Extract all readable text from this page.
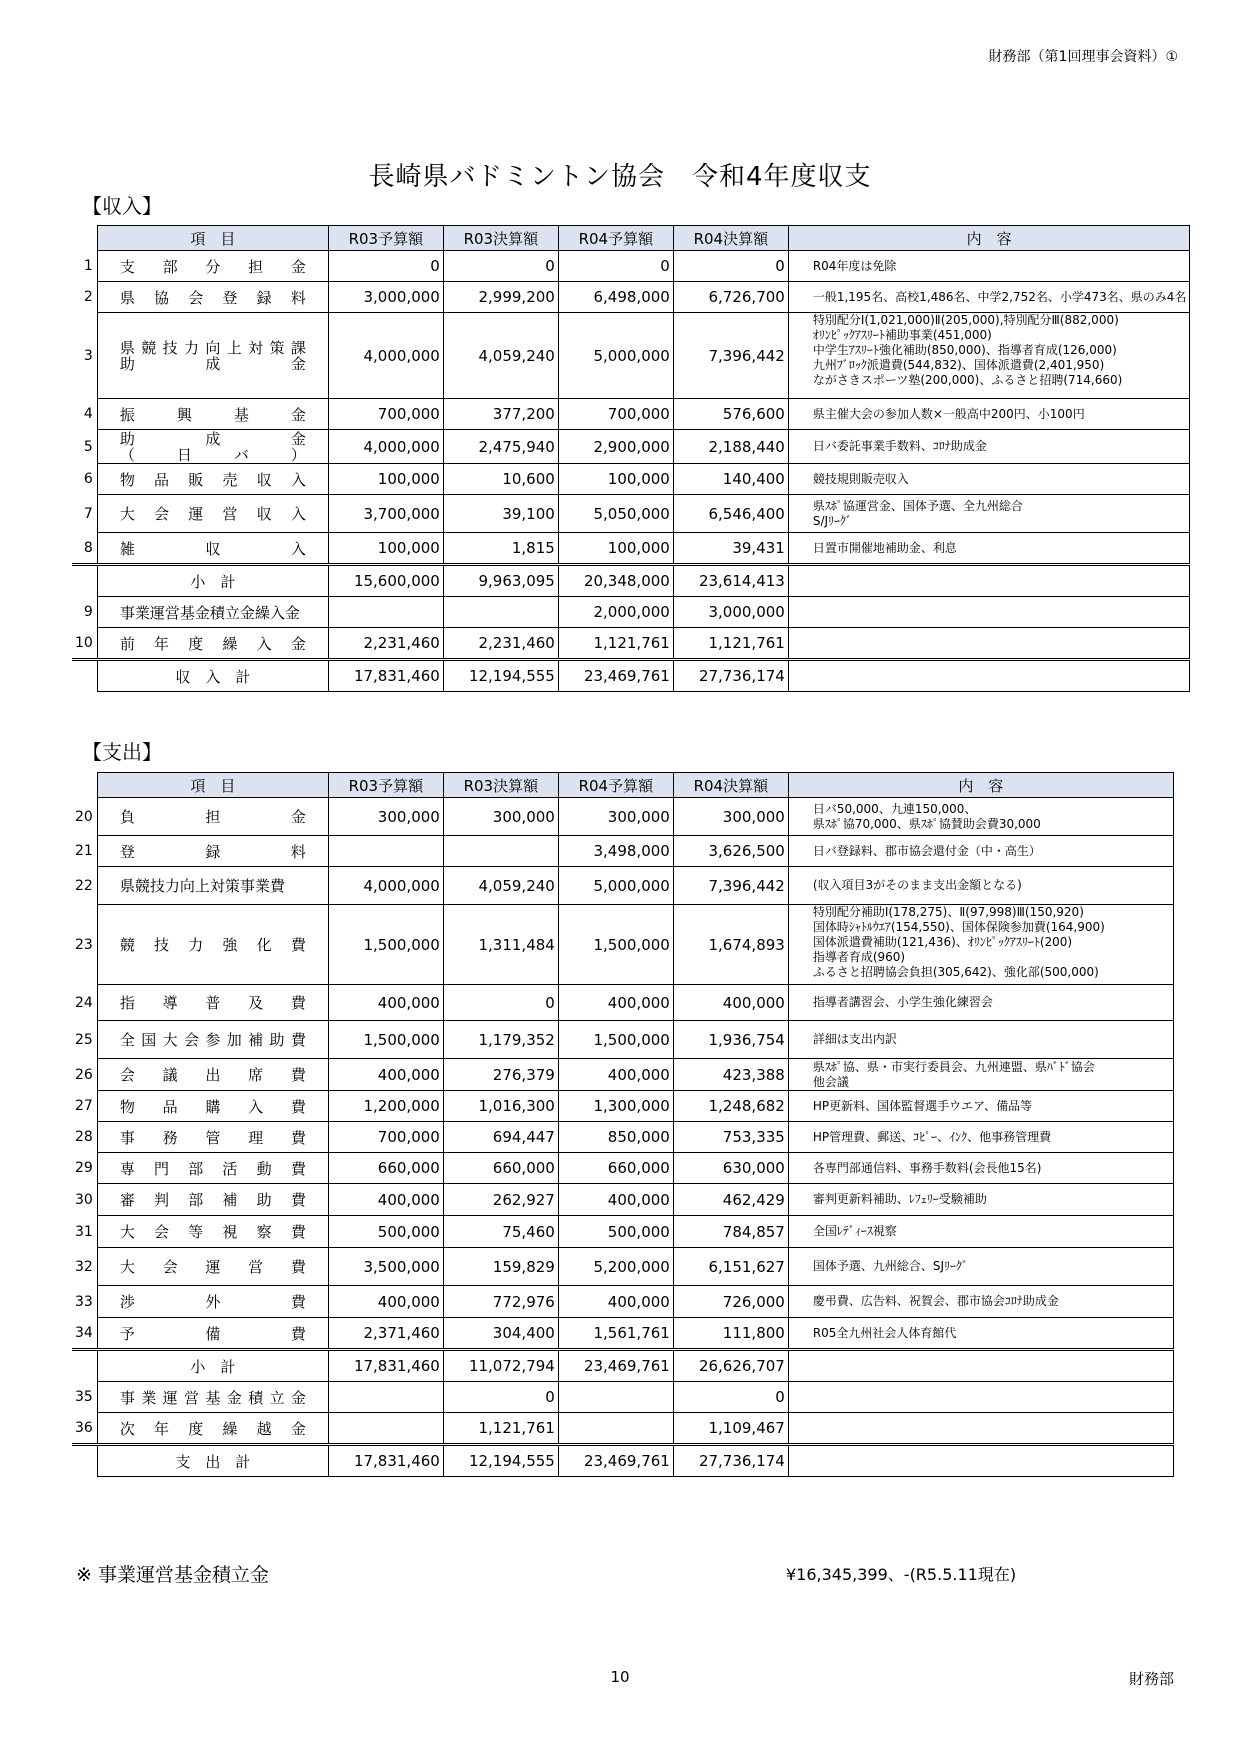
財務部（第1回理事会資料）①
長崎県バドミントン協会　令和4年度収支
【収入】
	項　目	R03予算額	R03決算額	R04予算額	R04決算額	内　容
1	支部分担金	0	0	0	0	R04年度は免除

2	県協会登録料	3,000,000	2,999,200	6,498,000	6,726,700	一般1,195名、高校1,486名、中学2,752名、小学473名、県のみ4名

3	県競技力向上対策課
助成金	4,000,000	4,059,240	5,000,000	7,396,442	特別配分Ⅰ(1,021,000)Ⅱ(205,000),特別配分Ⅲ(882,000)
ｵﾘﾝﾋﾟｯｸｱｽﾘｰﾄ補助事業(451,000)
中学生ｱｽﾘｰﾄ強化補助(850,000)、指導者育成(126,000)
九州ﾌﾞﾛｯｸ派遣費(544,832)、国体派遣費(2,401,950)
ながさきスポーツ塾(200,000)、ふるさと招聘(714,660)

4	振興基金	700,000	377,200	700,000	576,600	県主催大会の参加人数×一般高中200円、小100円

5	助成金
（日バ）	4,000,000	2,475,940	2,900,000	2,188,440	日バ委託事業手数料、ｺﾛﾅ助成金

6	物品販売収入	100,000	10,600	100,000	140,400	競技規則販売収入

7	大会運営収入	3,700,000	39,100	5,050,000	6,546,400	県ｽﾎﾟ協運営金、国体予選、全九州総合
S/Jﾘｰｸﾞ

8	雑収入	100,000	1,815	100,000	39,431	日置市開催地補助金、利息

	小　計	15,600,000	9,963,095	20,348,000	23,614,413	
9	事業運営基金積立金繰入金			2,000,000	3,000,000	
10	前年度繰入金	2,231,460	2,231,460	1,121,761	1,121,761	
	収　入　計	17,831,460	12,194,555	23,469,761	27,736,174	
【支出】
	項　目	R03予算額	R03決算額	R04予算額	R04決算額	内　容
20	負担金	300,000	300,000	300,000	300,000	日バ50,000、九連150,000、
県ｽﾎﾟ協70,000、県ｽﾎﾟ協賛助会費30,000

21	登録料			3,498,000	3,626,500	日バ登録料、郡市協会還付金（中・高生）

22	県競技力向上対策事業費	4,000,000	4,059,240	5,000,000	7,396,442	(収入項目3がそのまま支出金額となる)

23	競技力強化費	1,500,000	1,311,484	1,500,000	1,674,893	特別配分補助Ⅰ(178,275)、Ⅱ(97,998)Ⅲ(150,920)
国体時ｼｬﾄﾙｳｴｱ(154,550)、国体保険参加費(164,900)
国体派遣費補助(121,436)、ｵﾘﾝﾋﾟｯｸｱｽﾘｰﾄ(200)
指導者育成(960)
ふるさと招聘協会負担(305,642)、強化部(500,000)

24	指導普及費	400,000	0	400,000	400,000	指導者講習会、小学生強化練習会

25	全国大会参加補助費	1,500,000	1,179,352	1,500,000	1,936,754	詳細は支出内訳

26	会議出席費	400,000	276,379	400,000	423,388	県ｽﾎﾟ協、県・市実行委員会、九州連盟、県ﾊﾞﾄﾞ協会
他会議

27	物品購入費	1,200,000	1,016,300	1,300,000	1,248,682	HP更新料、国体監督選手ウエア、備品等

28	事務管理費	700,000	694,447	850,000	753,335	HP管理費、郵送、ｺﾋﾟｰ、ｲﾝｸ、他事務管理費

29	専門部活動費	660,000	660,000	660,000	630,000	各専門部通信料、事務手数料(会長他15名)

30	審判部補助費	400,000	262,927	400,000	462,429	審判更新料補助、ﾚﾌｪﾘｰ受験補助

31	大会等視察費	500,000	75,460	500,000	784,857	全国ﾚﾃﾞｨｰｽ視察

32	大会運営費	3,500,000	159,829	5,200,000	6,151,627	国体予選、九州総合、SJﾘｰｸﾞ

33	渉外費	400,000	772,976	400,000	726,000	慶弔費、広告料、祝賀会、郡市協会ｺﾛﾅ助成金

34	予備費	2,371,460	304,400	1,561,761	111,800	R05全九州社会人体育館代

	小　計	17,831,460	11,072,794	23,469,761	26,626,707	
35	事業運営基金積立金		0		0	
36	次年度繰越金		1,121,761		1,109,467	
	支　出　計	17,831,460	12,194,555	23,469,761	27,736,174	
※ 事業運営基金積立金	¥16,345,399、-(R5.5.11現在)
10	財務部
